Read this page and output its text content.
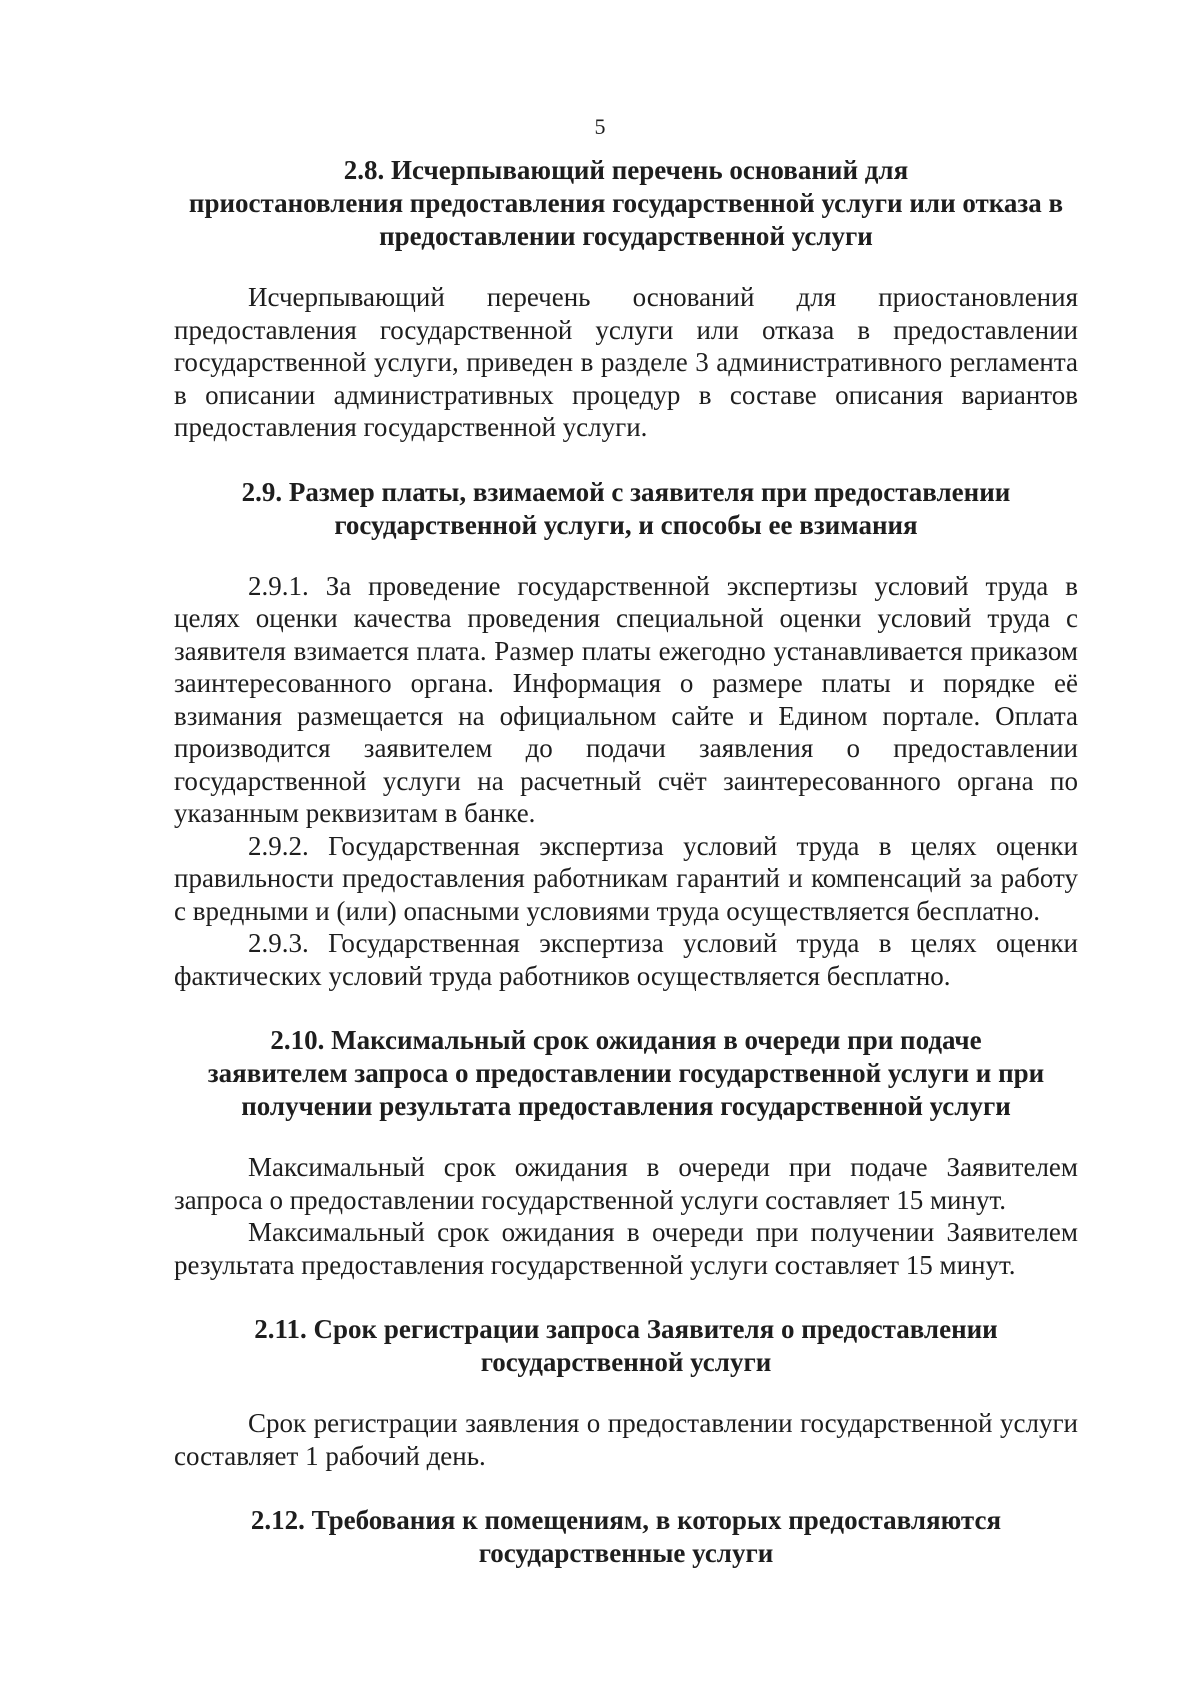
5
2.8. Исчерпывающий перечень оснований для
приостановления предоставления государственной услуги или отказа в
предоставлении государственной услуги

Исчерпывающий перечень оснований для приостановления предоставления государственной услуги или отказа в предоставлении государственной услуги, приведен в разделе 3 административного регламента в описании административных процедур в составе описания вариантов предоставления государственной услуги.

2.9. Размер платы, взимаемой с заявителя при предоставлении
государственной услуги, и способы ее взимания

2.9.1. За проведение государственной экспертизы условий труда в целях оценки качества проведения специальной оценки условий труда с заявителя взимается плата. Размер платы ежегодно устанавливается приказом заинтересованного органа. Информация о размере платы и порядке её взимания размещается на официальном сайте и Едином портале. Оплата производится заявителем до подачи заявления о предоставлении государственной услуги на расчетный счёт заинтересованного органа по указанным реквизитам в банке.

2.9.2. Государственная экспертиза условий труда в целях оценки правильности предоставления работникам гарантий и компенсаций за работу с вредными и (или) опасными условиями труда осуществляется бесплатно.

2.9.3. Государственная экспертиза условий труда в целях оценки фактических условий труда работников осуществляется бесплатно.

2.10. Максимальный срок ожидания в очереди при подаче
заявителем запроса о предоставлении государственной услуги и при
получении результата предоставления государственной услуги

Максимальный срок ожидания в очереди при подаче Заявителем запроса о предоставлении государственной услуги составляет 15 минут.

Максимальный срок ожидания в очереди при получении Заявителем результата предоставления государственной услуги составляет 15 минут.

2.11. Срок регистрации запроса Заявителя о предоставлении
государственной услуги

Срок регистрации заявления о предоставлении государственной услуги составляет 1 рабочий день.

2.12. Требования к помещениям, в которых предоставляются
государственные услуги
